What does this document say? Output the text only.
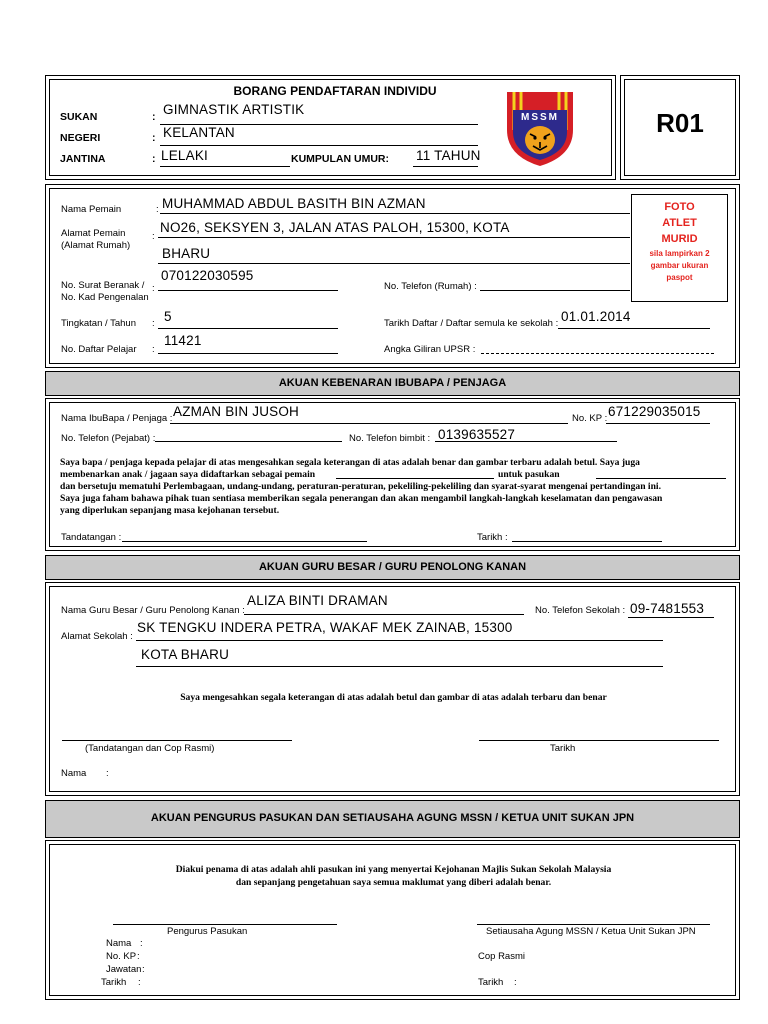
BORANG PENDAFTARAN INDIVIDU
SUKAN	: GIMNASTIK ARTISTIK
NEGERI	: KELANTAN
JANTINA	: LELAKI	KUMPULAN UMUR: 11 TAHUN
MSSM	R01
Nama Pemain	: MUHAMMAD ABDUL BASITH BIN AZMAN
Alamat Pemain
(Alamat Rumah)
:
NO26, SEKSYEN 3, JALAN ATAS PALOH, 15300, KOTA
BHARU
No. Surat Beranak /
No. Kad Pengenalan
:
070122030595
No. Telefon (Rumah) :
Tingkatan / Tahun : 5	Tarikh Daftar / Daftar semula ke sekolah : 01.01.2014
No. Daftar Pelajar :
11421
Angka Giliran UPSR :
FOTO
ATLET
MURID
sila lampirkan 2
gambar ukuran
paspot
AKUAN KEBENARAN IBUBAPA / PENJAGA
Nama IbuBapa / Penjaga : AZMAN BIN JUSOH	No. KP : 671229035015
No. Telefon (Pejabat) :	No. Telefon bimbit : 0139635527
Saya bapa / penjaga kepada pelajar di atas mengesahkan segala keterangan di atas adalah benar dan gambar terbaru adalah betul. Saya juga
membenarkan anak / jagaan saya didaftarkan sebagai pemain	untuk pasukan
dan bersetuju mematuhi Perlembagaan, undang-undang, peraturan-peraturan, pekeliling-pekeliling dan syarat-syarat mengenai pertandingan ini.
Saya juga faham bahawa pihak tuan sentiasa memberikan segala penerangan dan akan mengambil langkah-langkah keselamatan dan pengawasan
yang diperlukan sepanjang masa kejohanan tersebut.
Tandatangan :	Tarikh :
AKUAN GURU BESAR / GURU PENOLONG KANAN
Nama Guru Besar / Guru Penolong Kanan :
ALIZA BINTI DRAMAN
No. Telefon Sekolah : 09-7481553
Alamat Sekolah :
SK TENGKU INDERA PETRA, WAKAF MEK ZAINAB, 15300
KOTA BHARU
Saya mengesahkan segala keterangan di atas adalah betul dan gambar di atas adalah terbaru dan benar
(Tandatangan dan Cop Rasmi)	Tarikh
Nama :
AKUAN PENGURUS PASUKAN DAN SETIAUSAHA AGUNG MSSN / KETUA UNIT SUKAN JPN
Diakui penama di atas adalah ahli pasukan ini yang menyertai Kejohanan Majlis Sukan Sekolah Malaysia
dan sepanjang pengetahuan saya semua maklumat yang diberi adalah benar.
Pengurus Pasukan	Setiausaha Agung MSSN / Ketua Unit Sukan JPN
Nama :
No. KP :	Cop Rasmi
Jawatan :
Tarikh :	Tarikh :
